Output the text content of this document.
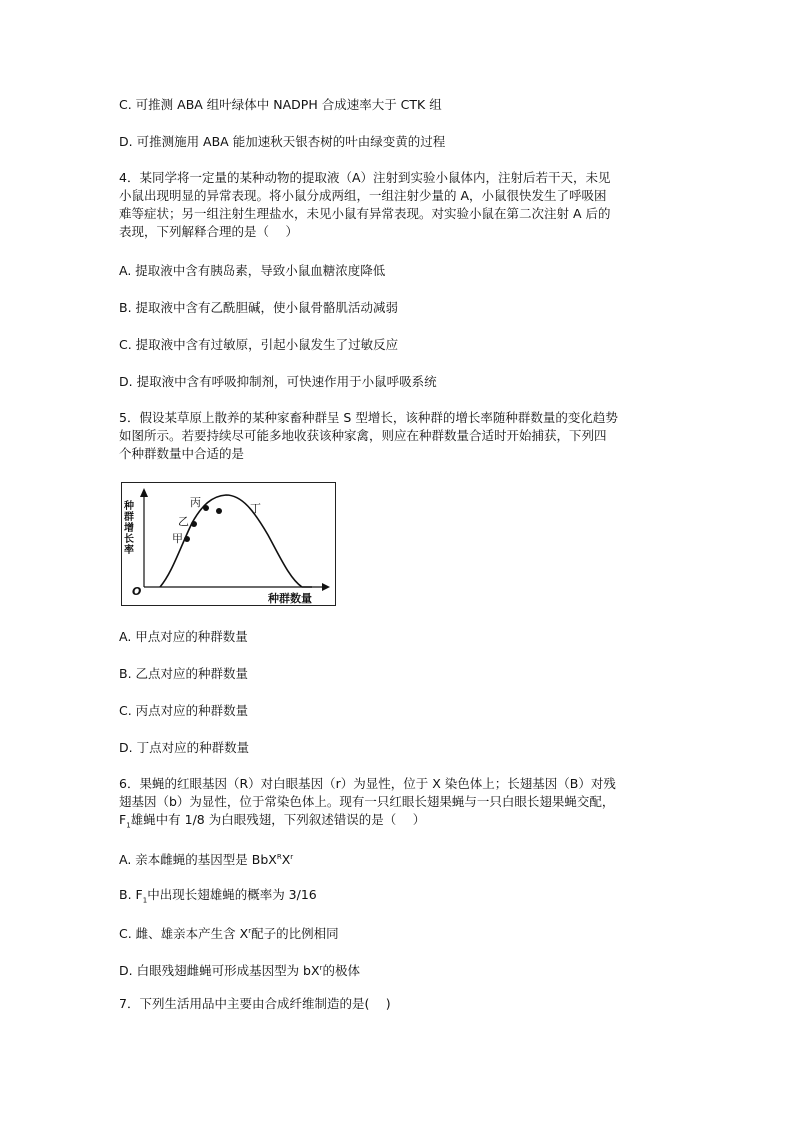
C. 可推测 ABA 组叶绿体中 NADPH 合成速率大于 CTK 组
D. 可推测施用 ABA 能加速秋天银杏树的叶由绿变黄的过程
4．某同学将一定量的某种动物的提取液（A）注射到实验小鼠体内，注射后若干天，未见
小鼠出现明显的异常表现。将小鼠分成两组，一组注射少量的 A，小鼠很快发生了呼吸困
难等症状；另一组注射生理盐水，未见小鼠有异常表现。对实验小鼠在第二次注射 A 后的
表现，下列解释合理的是（　 ）
A. 提取液中含有胰岛素，导致小鼠血糖浓度降低
B. 提取液中含有乙酰胆碱，使小鼠骨骼肌活动减弱
C. 提取液中含有过敏原，引起小鼠发生了过敏反应
D. 提取液中含有呼吸抑制剂，可快速作用于小鼠呼吸系统
5．假设某草原上散养的某种家畜种群呈 S 型增长，该种群的增长率随种群数量的变化趋势
如图所示。若要持续尽可能多地收获该种家禽，则应在种群数量合适时开始捕获，下列四
个种群数量中合适的是
种群增长率
O
种群数量
甲
乙
丙	丁
A. 甲点对应的种群数量
B. 乙点对应的种群数量
C. 丙点对应的种群数量
D. 丁点对应的种群数量
6．果蝇的红眼基因（R）对白眼基因（r）为显性，位于 X 染色体上；长翅基因（B）对残
翅基因（b）为显性，位于常染色体上。现有一只红眼长翅果蝇与一只白眼长翅果蝇交配，
$F_1$雄蝇中有 1/8 为白眼残翅，下列叙述错误的是（　 ）
A. 亲本雌蝇的基因型是 $BbX^RX^r$
B. $F_1$中出现长翅雄蝇的概率为 3/16
C. 雌、雄亲本产生含 $X^r$配子的比例相同
D. 白眼残翅雌蝇可形成基因型为 $bX^r$的极体
7．下列生活用品中主要由合成纤维制造的是(　 )
